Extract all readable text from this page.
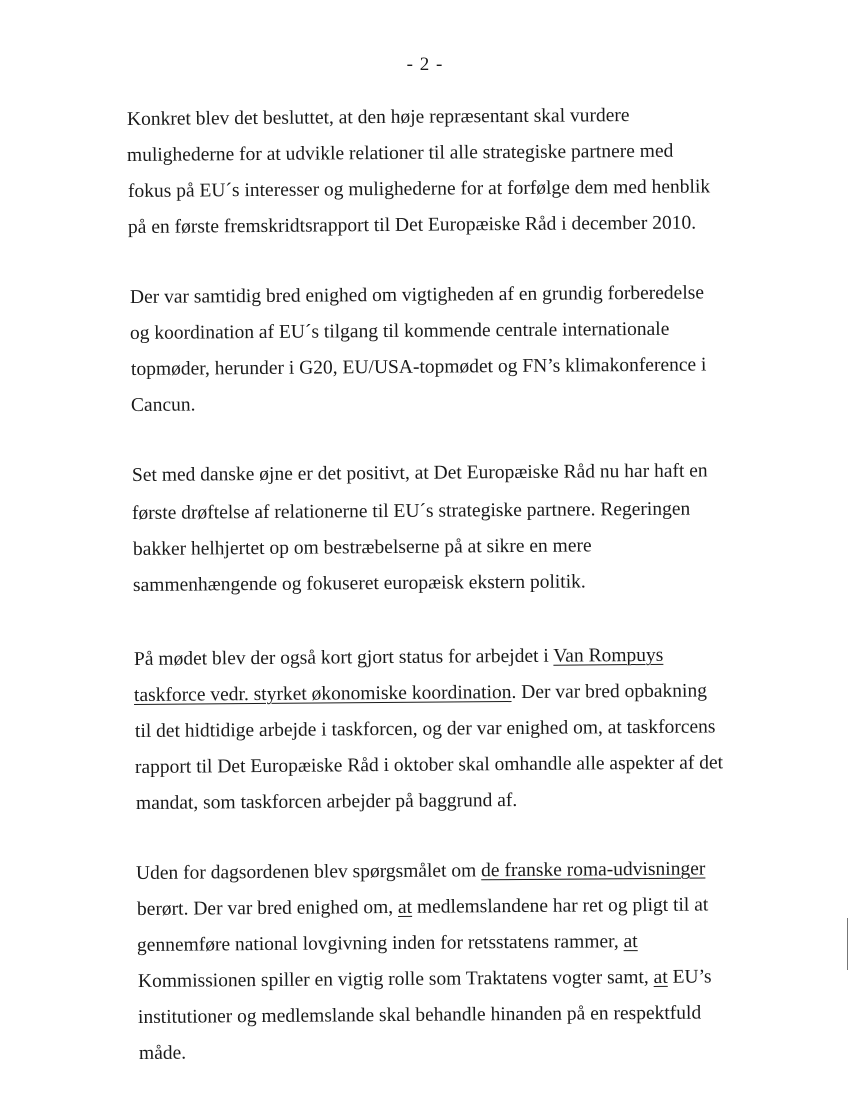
- 2 -
Konkret blev det besluttet, at den høje repræsentant skal vurdere
mulighederne for at udvikle relationer til alle strategiske partnere med
fokus på EU´s interesser og mulighederne for at forfølge dem med henblik
på en første fremskridtsrapport til Det Europæiske Råd i december 2010.
Der var samtidig bred enighed om vigtigheden af en grundig forberedelse
og koordination af EU´s tilgang til kommende centrale internationale
topmøder, herunder i G20, EU/USA-topmødet og FN’s klimakonference i
Cancun.
Set med danske øjne er det positivt, at Det Europæiske Råd nu har haft en
første drøftelse af relationerne til EU´s strategiske partnere. Regeringen
bakker helhjertet op om bestræbelserne på at sikre en mere
sammenhængende og fokuseret europæisk ekstern politik.
På mødet blev der også kort gjort status for arbejdet i Van Rompuys
taskforce vedr. styrket økonomiske koordination. Der var bred opbakning
til det hidtidige arbejde i taskforcen, og der var enighed om, at taskforcens
rapport til Det Europæiske Råd i oktober skal omhandle alle aspekter af det
mandat, som taskforcen arbejder på baggrund af.
Uden for dagsordenen blev spørgsmålet om de franske roma-udvisninger
berørt. Der var bred enighed om, at medlemslandene har ret og pligt til at
gennemføre national lovgivning inden for retsstatens rammer, at
Kommissionen spiller en vigtig rolle som Traktatens vogter samt, at EU’s
institutioner og medlemslande skal behandle hinanden på en respektfuld
måde.
